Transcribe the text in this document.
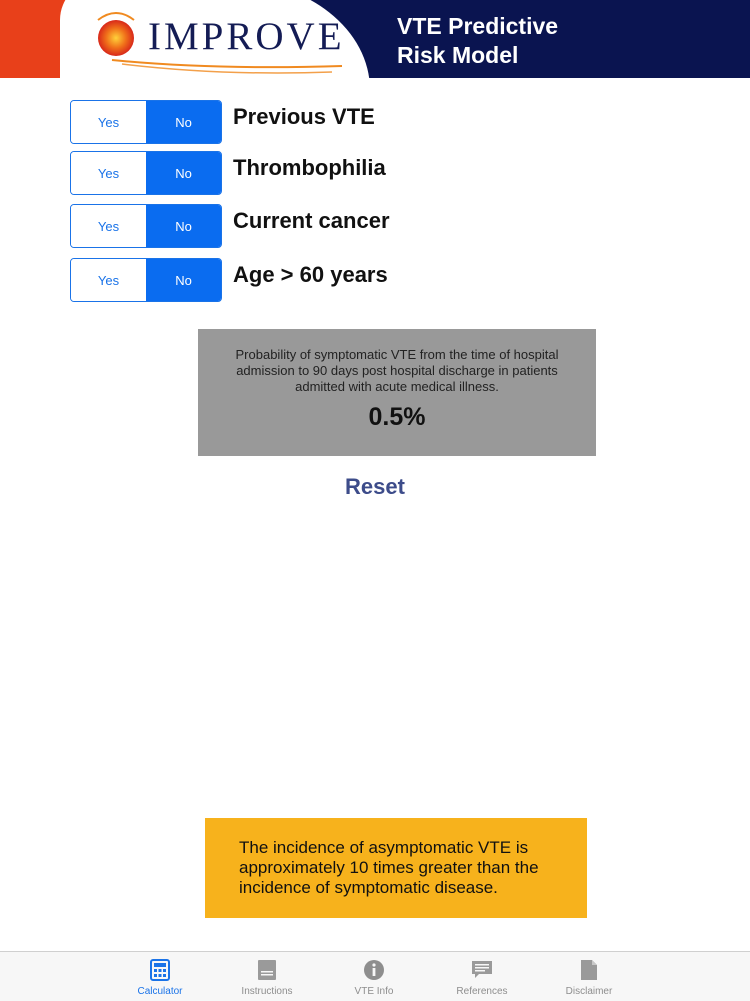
IMPROVE VTE Predictive
Risk Model
Yes	No	Previous VTE
Yes	No	Thrombophilia
Yes	No	Current cancer
Yes	No	Age > 60 years
Probability of symptomatic VTE from the time of hospital admission to 90 days post hospital discharge in patients admitted with acute medical illness.
0.5%
Reset
The incidence of asymptomatic VTE is approximately 10 times greater than the incidence of symptomatic disease.
Calculator	Instructions	VTE Info	References	Disclaimer
